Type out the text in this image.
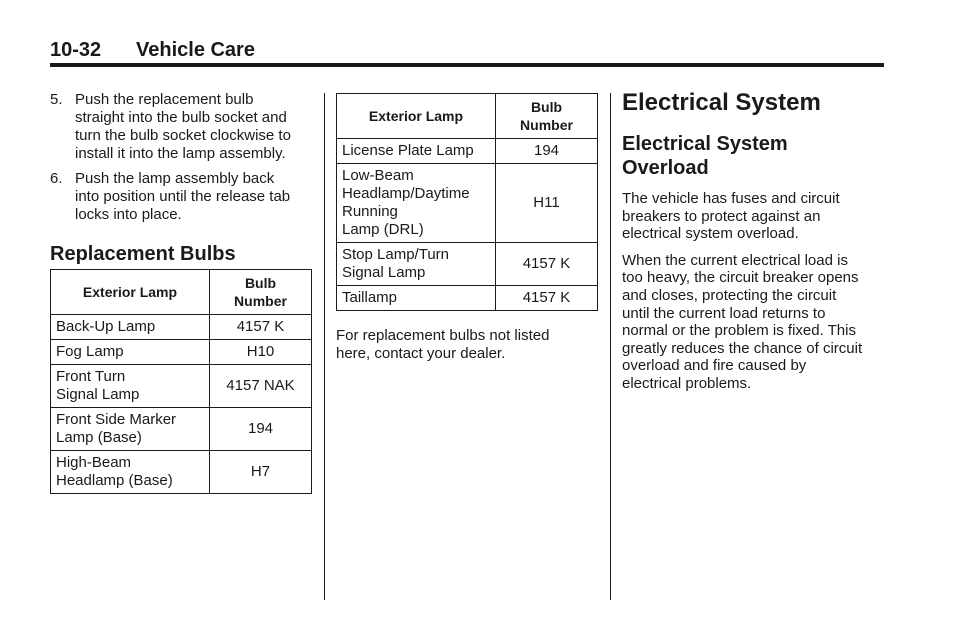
10-32 Vehicle Care
5. Push the replacement bulb
straight into the bulb socket and
turn the bulb socket clockwise to
install it into the lamp assembly.
6. Push the lamp assembly back
into position until the release tab
locks into place.
Replacement Bulbs
Exterior Lamp	Bulb
Number

Back-Up Lamp	4157 K

Fog Lamp	H10

Front Turn
Signal Lamp	4157 NAK

Front Side Marker
Lamp (Base)	194

High-Beam
Headlamp (Base)	H7
Exterior Lamp	Bulb
Number

License Plate Lamp	194

Low-Beam
Headlamp/Daytime
Running
Lamp (DRL)	H11

Stop Lamp/Turn
Signal Lamp	4157 K

Taillamp	4157 K
For replacement bulbs not listed
here, contact your dealer.
Electrical System
Electrical System
Overload

The vehicle has fuses and circuit
breakers to protect against an
electrical system overload.

When the current electrical load is
too heavy, the circuit breaker opens
and closes, protecting the circuit
until the current load returns to
normal or the problem is fixed. This
greatly reduces the chance of circuit
overload and fire caused by
electrical problems.
